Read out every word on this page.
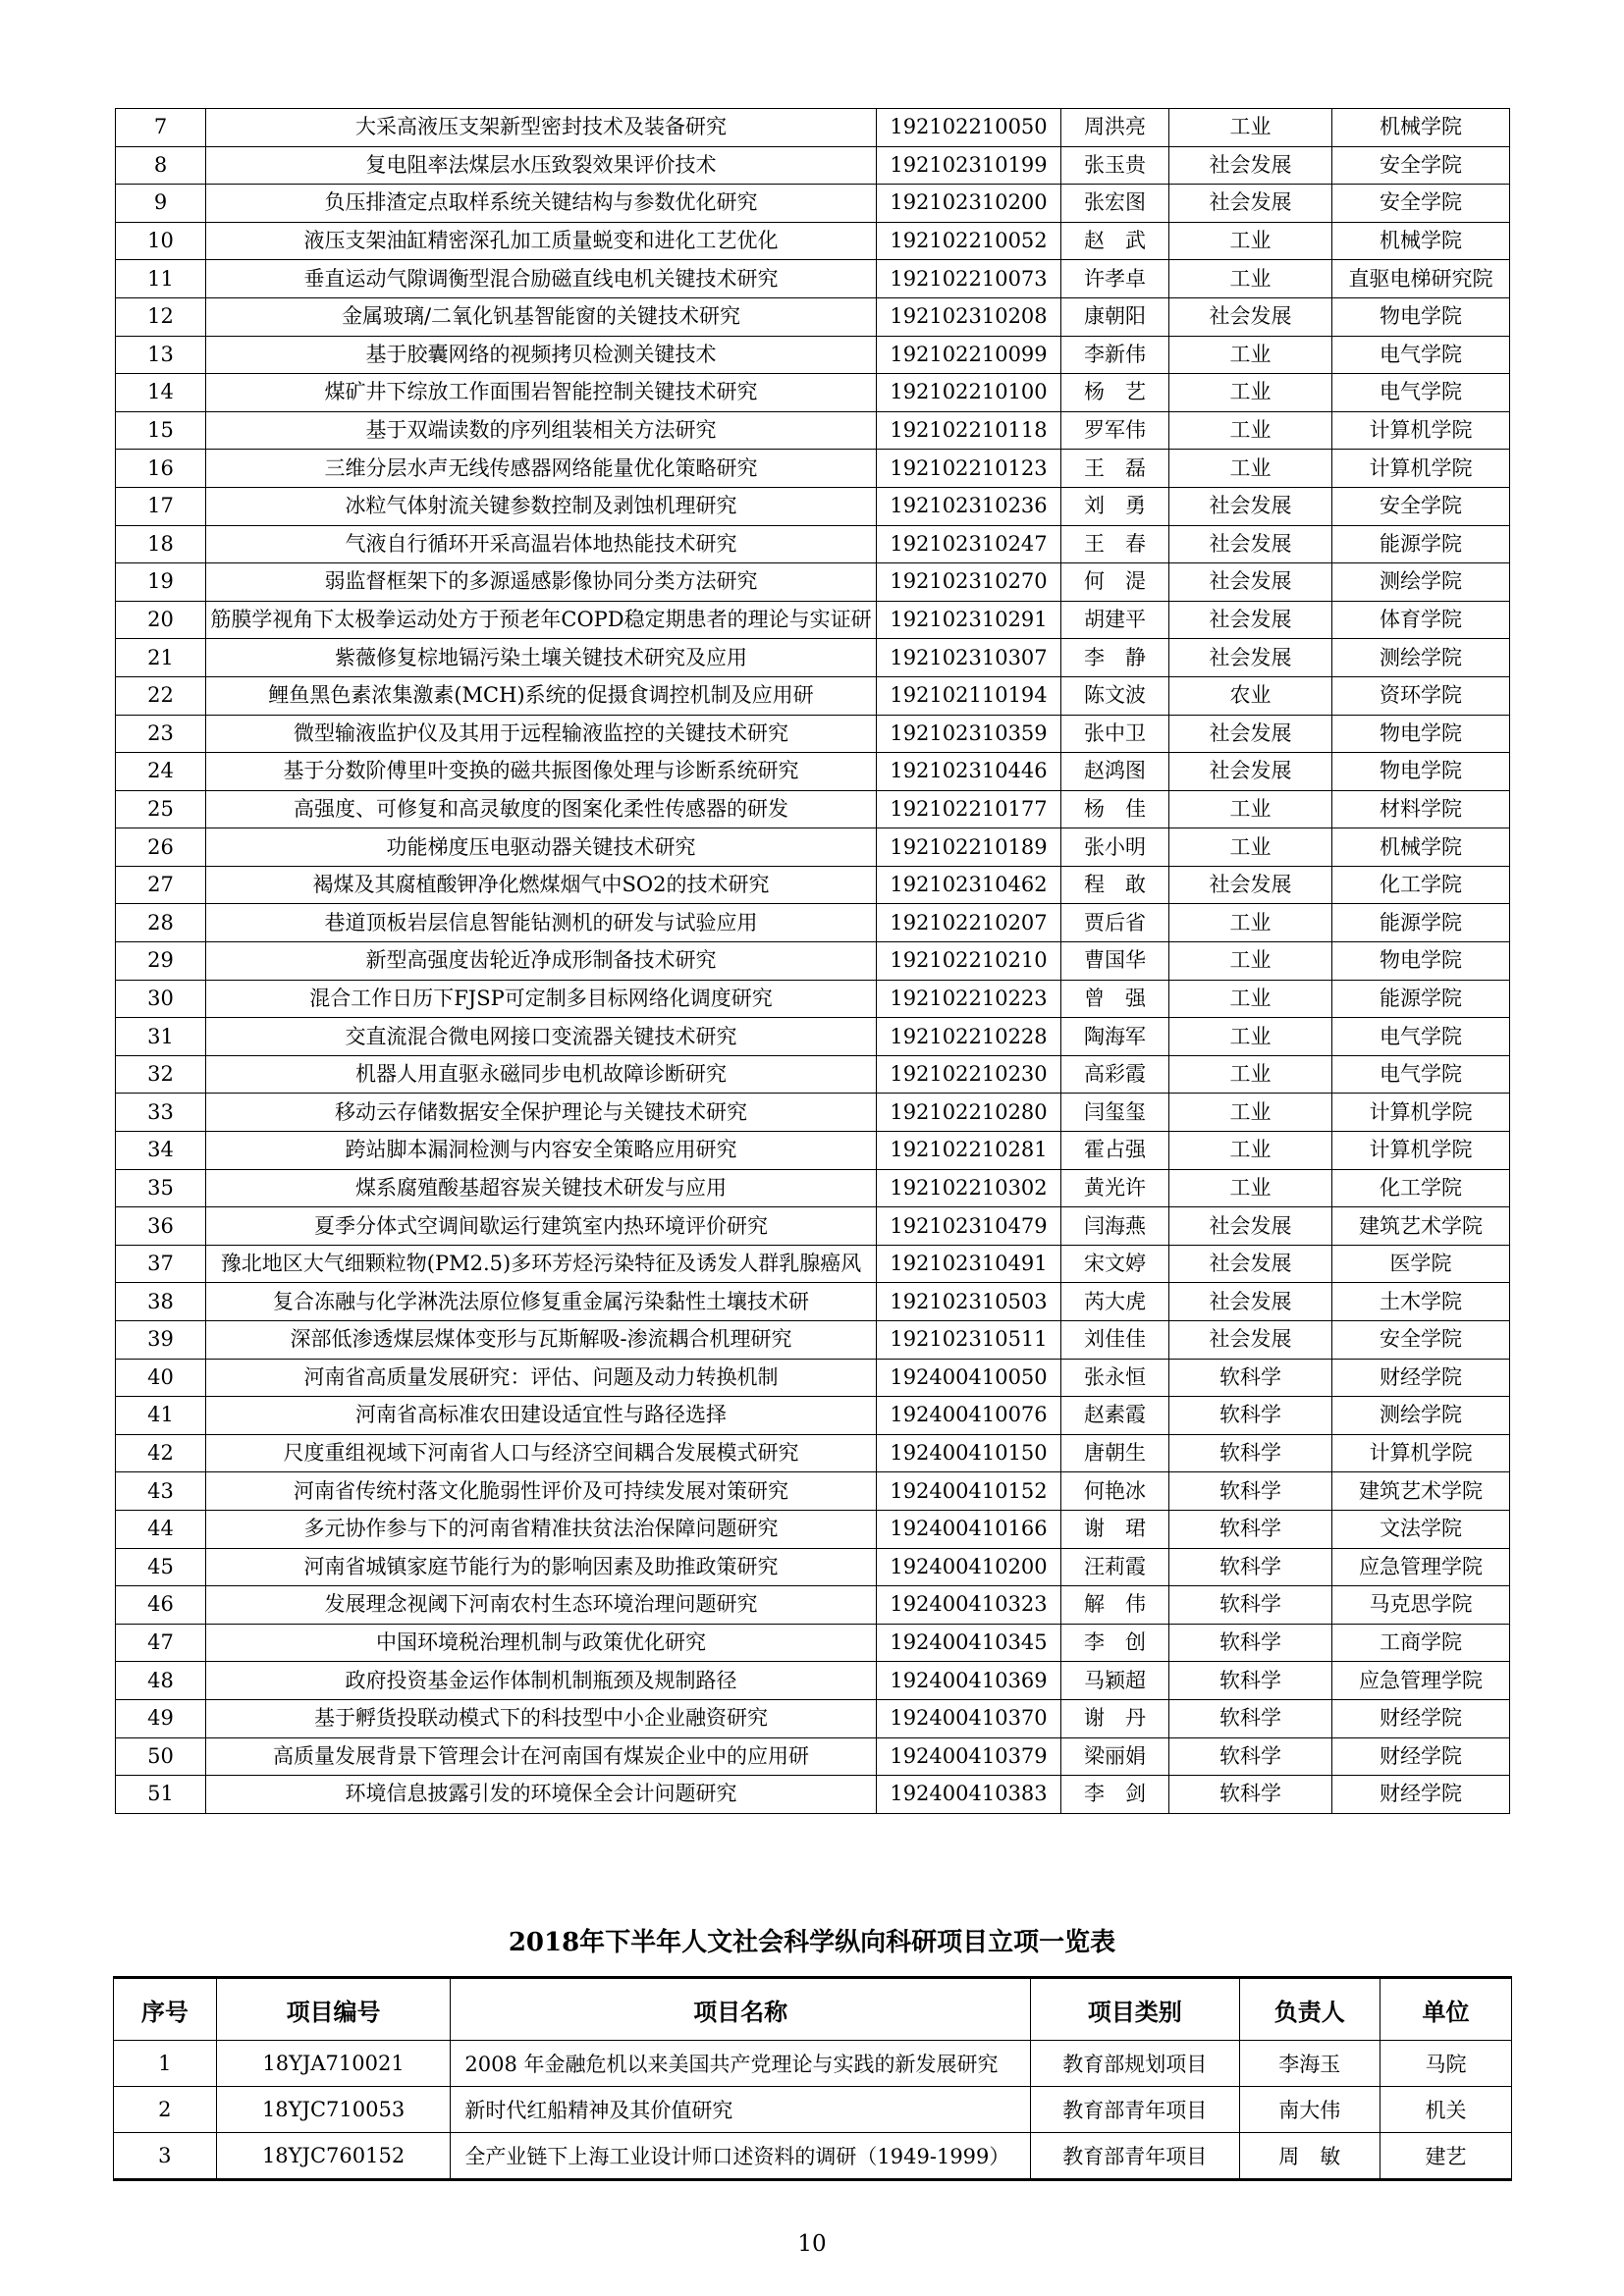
7	大采高液压支架新型密封技术及装备研究	192102210050	周洪亮	工业	机械学院
8	复电阻率法煤层水压致裂效果评价技术	192102310199	张玉贵	社会发展	安全学院
9	负压排渣定点取样系统关键结构与参数优化研究	192102310200	张宏图	社会发展	安全学院
10	液压支架油缸精密深孔加工质量蜕变和进化工艺优化	192102210052	赵　武	工业	机械学院
11	垂直运动气隙调衡型混合励磁直线电机关键技术研究	192102210073	许孝卓	工业	直驱电梯研究院
12	金属玻璃/二氧化钒基智能窗的关键技术研究	192102310208	康朝阳	社会发展	物电学院
13	基于胶囊网络的视频拷贝检测关键技术	192102210099	李新伟	工业	电气学院
14	煤矿井下综放工作面围岩智能控制关键技术研究	192102210100	杨　艺	工业	电气学院
15	基于双端读数的序列组装相关方法研究	192102210118	罗军伟	工业	计算机学院
16	三维分层水声无线传感器网络能量优化策略研究	192102210123	王　磊	工业	计算机学院
17	冰粒气体射流关键参数控制及剥蚀机理研究	192102310236	刘　勇	社会发展	安全学院
18	气液自行循环开采高温岩体地热能技术研究	192102310247	王　春	社会发展	能源学院
19	弱监督框架下的多源遥感影像协同分类方法研究	192102310270	何　湜	社会发展	测绘学院
20	筋膜学视角下太极拳运动处方于预老年COPD稳定期患者的理论与实证研	192102310291	胡建平	社会发展	体育学院
21	紫薇修复棕地镉污染土壤关键技术研究及应用	192102310307	李　静	社会发展	测绘学院
22	鲤鱼黑色素浓集激素(MCH)系统的促摄食调控机制及应用研	192102110194	陈文波	农业	资环学院
23	微型输液监护仪及其用于远程输液监控的关键技术研究	192102310359	张中卫	社会发展	物电学院
24	基于分数阶傅里叶变换的磁共振图像处理与诊断系统研究	192102310446	赵鸿图	社会发展	物电学院
25	高强度、可修复和高灵敏度的图案化柔性传感器的研发	192102210177	杨　佳	工业	材料学院
26	功能梯度压电驱动器关键技术研究	192102210189	张小明	工业	机械学院
27	褐煤及其腐植酸钾净化燃煤烟气中SO2的技术研究	192102310462	程　敢	社会发展	化工学院
28	巷道顶板岩层信息智能钻测机的研发与试验应用	192102210207	贾后省	工业	能源学院
29	新型高强度齿轮近净成形制备技术研究	192102210210	曹国华	工业	物电学院
30	混合工作日历下FJSP可定制多目标网络化调度研究	192102210223	曾　强	工业	能源学院
31	交直流混合微电网接口变流器关键技术研究	192102210228	陶海军	工业	电气学院
32	机器人用直驱永磁同步电机故障诊断研究	192102210230	高彩霞	工业	电气学院
33	移动云存储数据安全保护理论与关键技术研究	192102210280	闫玺玺	工业	计算机学院
34	跨站脚本漏洞检测与内容安全策略应用研究	192102210281	霍占强	工业	计算机学院
35	煤系腐殖酸基超容炭关键技术研发与应用	192102210302	黄光许	工业	化工学院
36	夏季分体式空调间歇运行建筑室内热环境评价研究	192102310479	闫海燕	社会发展	建筑艺术学院
37	豫北地区大气细颗粒物(PM2.5)多环芳烃污染特征及诱发人群乳腺癌风	192102310491	宋文婷	社会发展	医学院
38	复合冻融与化学淋洗法原位修复重金属污染黏性土壤技术研	192102310503	芮大虎	社会发展	土木学院
39	深部低渗透煤层煤体变形与瓦斯解吸-渗流耦合机理研究	192102310511	刘佳佳	社会发展	安全学院
40	河南省高质量发展研究：评估、问题及动力转换机制	192400410050	张永恒	软科学	财经学院
41	河南省高标准农田建设适宜性与路径选择	192400410076	赵素霞	软科学	测绘学院
42	尺度重组视域下河南省人口与经济空间耦合发展模式研究	192400410150	唐朝生	软科学	计算机学院
43	河南省传统村落文化脆弱性评价及可持续发展对策研究	192400410152	何艳冰	软科学	建筑艺术学院
44	多元协作参与下的河南省精准扶贫法治保障问题研究	192400410166	谢　珺	软科学	文法学院
45	河南省城镇家庭节能行为的影响因素及助推政策研究	192400410200	汪莉霞	软科学	应急管理学院
46	发展理念视阈下河南农村生态环境治理问题研究	192400410323	解　伟	软科学	马克思学院
47	中国环境税治理机制与政策优化研究	192400410345	李　创	软科学	工商学院
48	政府投资基金运作体制机制瓶颈及规制路径	192400410369	马颖超	软科学	应急管理学院
49	基于孵货投联动模式下的科技型中小企业融资研究	192400410370	谢　丹	软科学	财经学院
50	高质量发展背景下管理会计在河南国有煤炭企业中的应用研	192400410379	梁丽娟	软科学	财经学院
51	环境信息披露引发的环境保全会计问题研究	192400410383	李　剑	软科学	财经学院
2018年下半年人文社会科学纵向科研项目立项一览表
序号	项目编号	项目名称	项目类别	负责人	单位
1	18YJA710021	2008 年金融危机以来美国共产党理论与实践的新发展研究	教育部规划项目	李海玉	马院
2	18YJC710053	新时代红船精神及其价值研究	教育部青年项目	南大伟	机关
3	18YJC760152	全产业链下上海工业设计师口述资料的调研（1949-1999）	教育部青年项目	周　敏	建艺
10
